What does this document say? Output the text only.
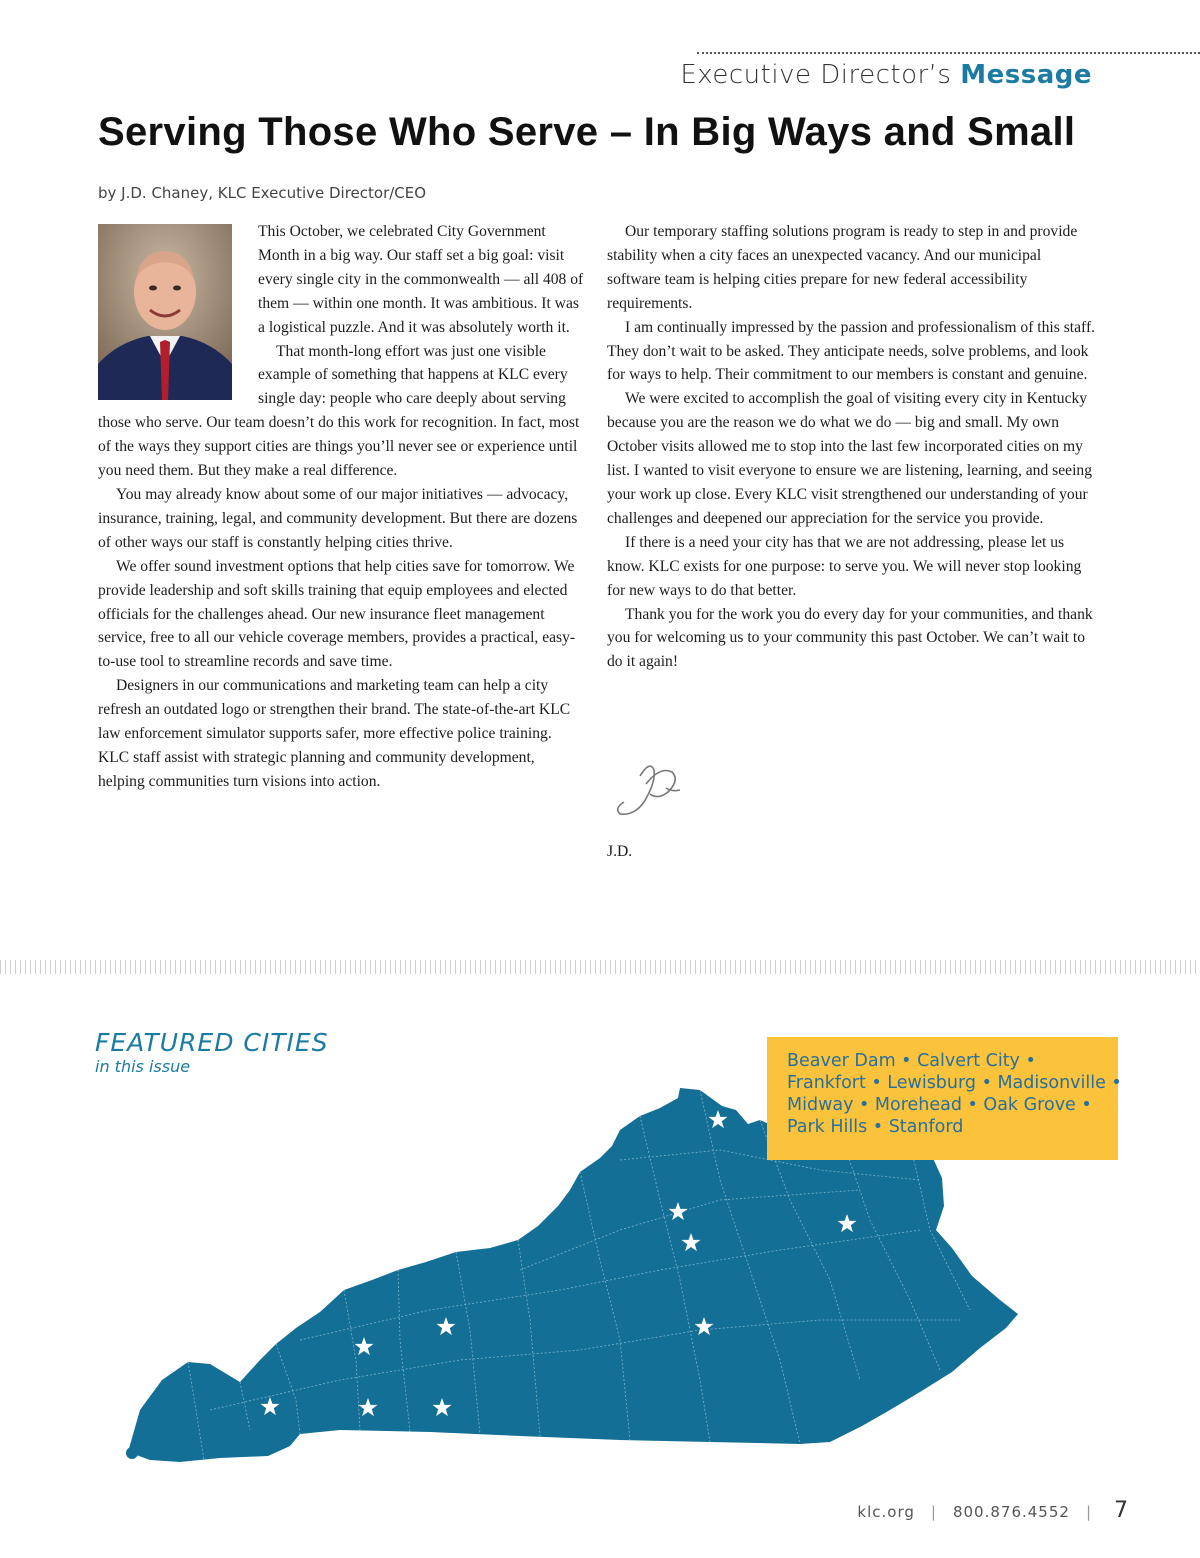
Executive Director’s Message
Serving Those Who Serve – In Big Ways and Small
by J.D. Chaney, KLC Executive Director/CEO

This October, we celebrated City Government Month in a big way. Our staff set a big goal: visit every single city in the commonwealth — all 408 of them — within one month. It was ambitious. It was a logistical puzzle. And it was absolutely worth it.

That month-long effort was just one visible example of something that happens at KLC every single day: people who care deeply about serving those who serve. Our team doesn’t do this work for recognition. In fact, most of the ways they support cities are things you’ll never see or experience until you need them. But they make a real difference.

You may already know about some of our major initiatives — advocacy, insurance, training, legal, and community development. But there are dozens of other ways our staff is constantly helping cities thrive.

We offer sound investment options that help cities save for tomorrow. We provide leadership and soft skills training that equip employees and elected officials for the challenges ahead. Our new insurance fleet management service, free to all our vehicle coverage members, provides a practical, easy-to-use tool to streamline records and save time.

Designers in our communications and marketing team can help a city refresh an outdated logo or strengthen their brand. The state-of-the-art KLC law enforcement simulator supports safer, more effective police training. KLC staff assist with strategic planning and community development, helping communities turn visions into action.

Our temporary staffing solutions program is ready to step in and provide stability when a city faces an unexpected vacancy. And our municipal software team is helping cities prepare for new federal accessibility requirements.

I am continually impressed by the passion and professionalism of this staff. They don’t wait to be asked. They anticipate needs, solve problems, and look for ways to help. Their commitment to our members is constant and genuine.

We were excited to accomplish the goal of visiting every city in Kentucky because you are the reason we do what we do — big and small. My own October visits allowed me to stop into the last few incorporated cities on my list. I wanted to visit everyone to ensure we are listening, learning, and seeing your work up close. Every KLC visit strengthened our understanding of your challenges and deepened our appreciation for the service you provide.

If there is a need your city has that we are not addressing, please let us know. KLC exists for one purpose: to serve you. We will never stop looking for new ways to do that better.

Thank you for the work you do every day for your communities, and thank you for welcoming us to your community this past October. We can’t wait to do it again!

J.D.
FEATURED CITIES
in this issue	Beaver Dam • Calvert City •
Frankfort • Lewisburg • Madisonville •
Midway • Morehead • Oak Grove •
Park Hills • Stanford
klc.org | 800.876.4552 | 7
